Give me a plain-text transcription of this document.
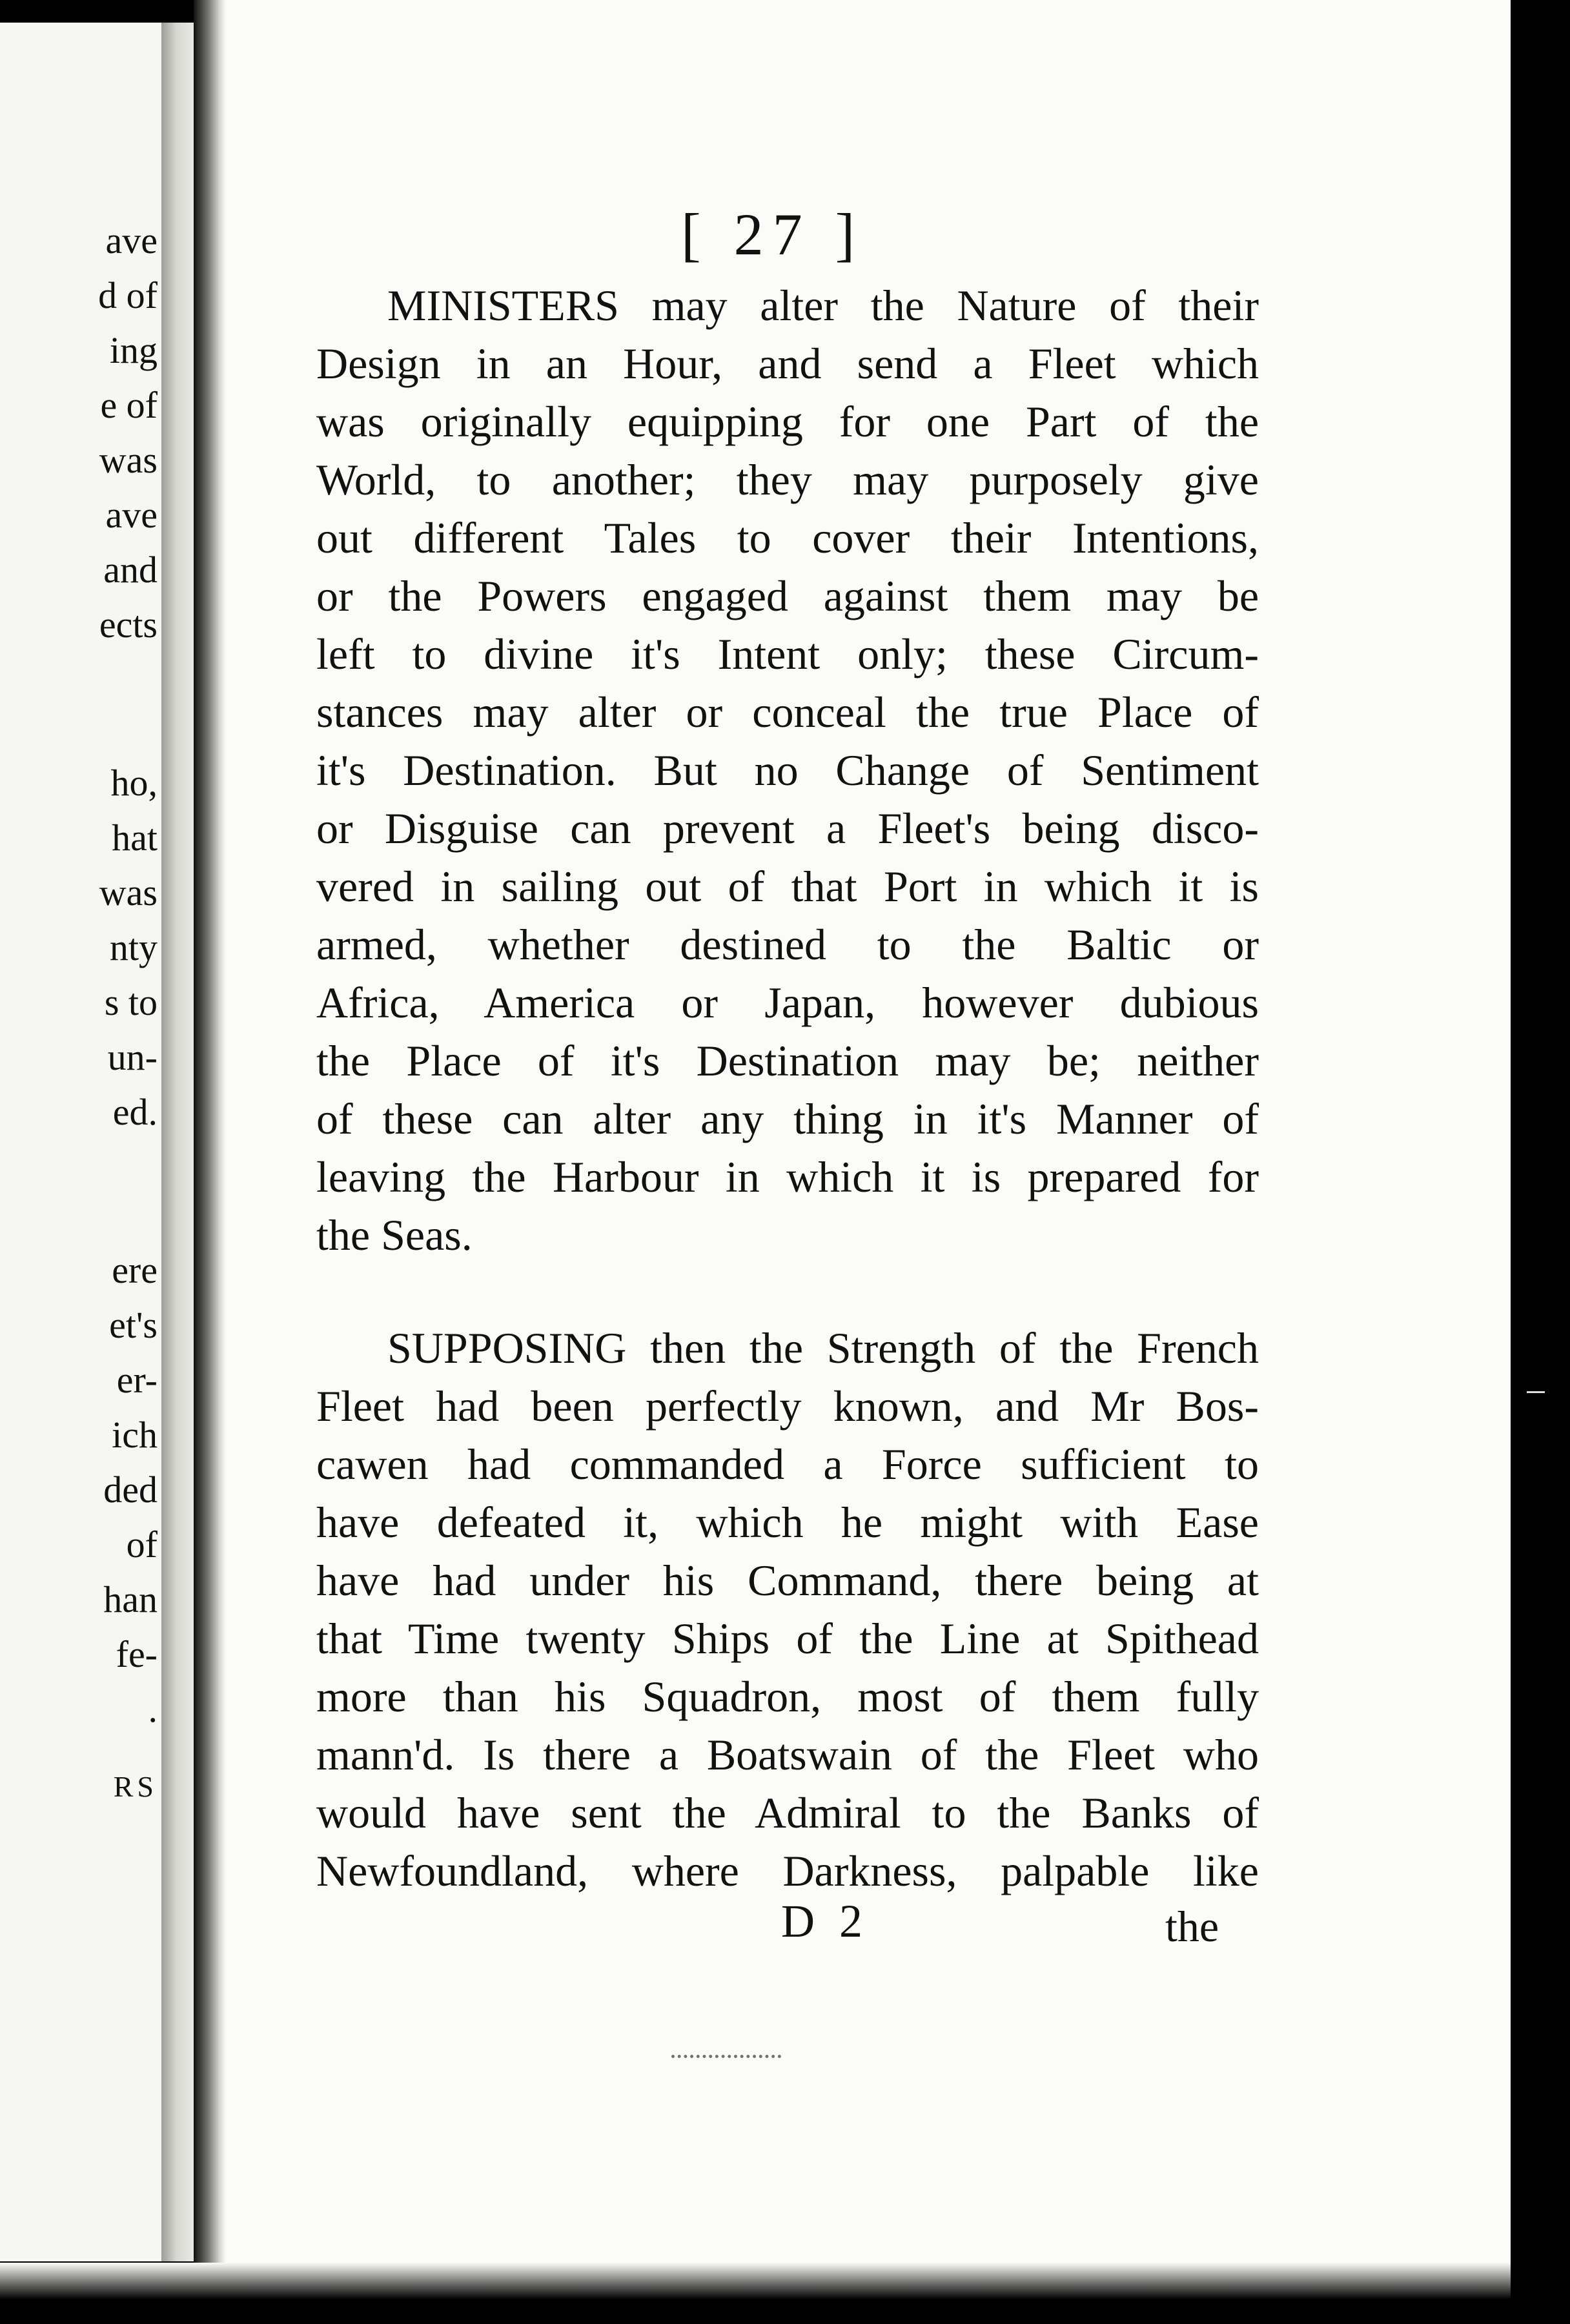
ave
d of
ing
e of
was
ave
and
ects
ho,
hat
was
nty
s to
un-
ed.
ere
et's
er-
ich
ded
of
han
fe-
.
RS
[ 27 ]
MINISTERS may alter the Nature of their
Design in an Hour, and send a Fleet which
was originally equipping for one Part of the
World, to another; they may purposely give
out different Tales to cover their Intentions,
or the Powers engaged against them may be
left to divine it's Intent only; these Circum-
stances may alter or conceal the true Place of
it's Destination. But no Change of Sentiment
or Disguise can prevent a Fleet's being disco-
vered in sailing out of that Port in which it is
armed, whether destined to the Baltic or
Africa, America or Japan, however dubious
the Place of it's Destination may be; neither
of these can alter any thing in it's Manner of
leaving the Harbour in which it is prepared for
the Seas.
SUPPOSING then the Strength of the French
Fleet had been perfectly known, and Mr Bos-
cawen had commanded a Force sufficient to
have defeated it, which he might with Ease
have had under his Command, there being at
that Time twenty Ships of the Line at Spithead
more than his Squadron, most of them fully
mann'd. Is there a Boatswain of the Fleet who
would have sent the Admiral to the Banks of
Newfoundland, where Darkness, palpable like
D 2	the
